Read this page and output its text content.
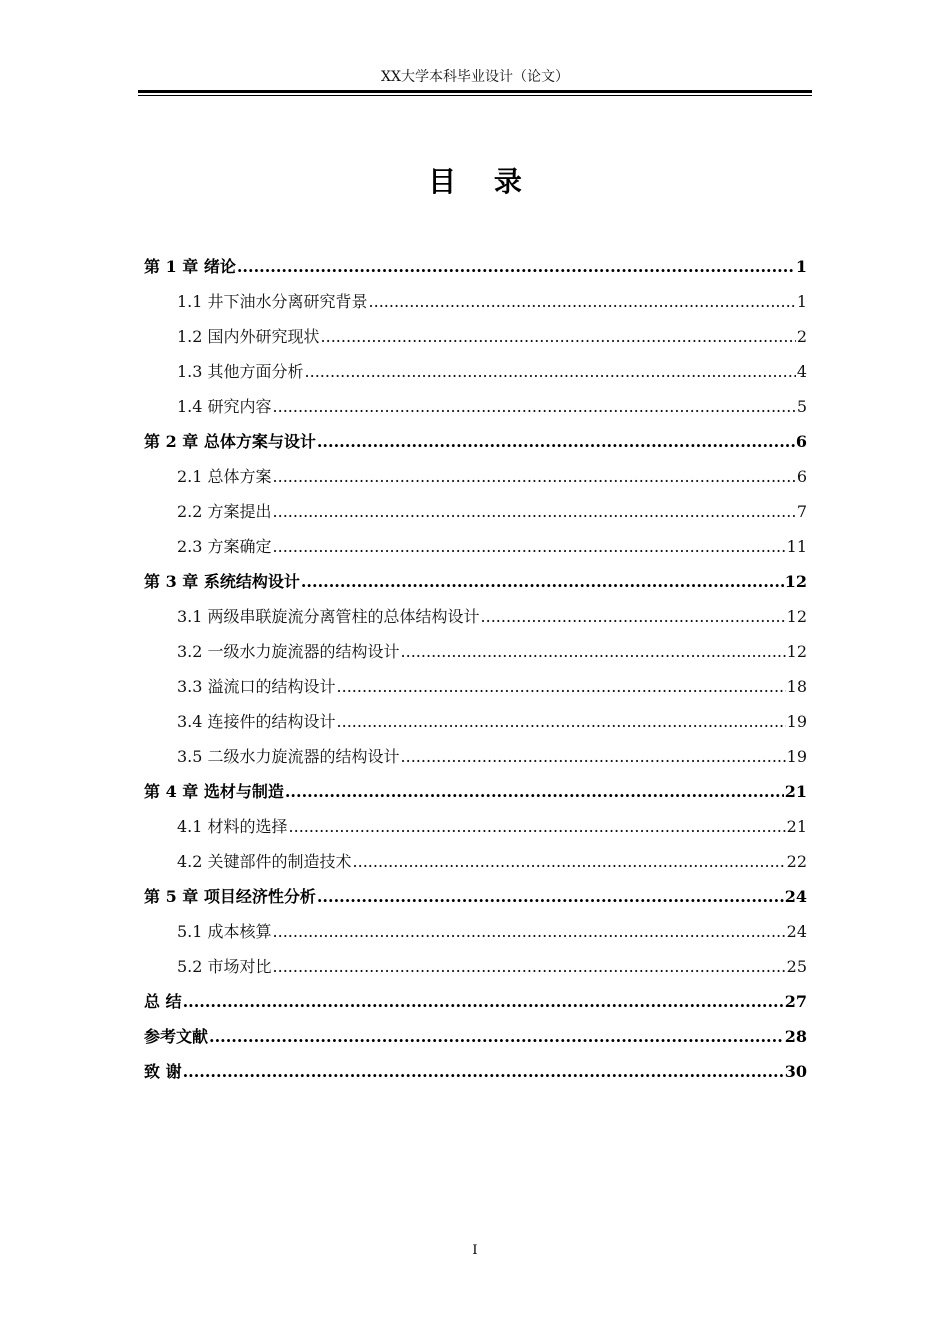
XX大学本科毕业设计（论文）
目 录
第 1 章 绪论 .....	1
1.1 井下油水分离研究背景 .....	1
1.2 国内外研究现状 .....	2
1.3 其他方面分析 .....	4
1.4 研究内容 .....	5
第 2 章 总体方案与设计 .....	6
2.1 总体方案 .....	6
2.2 方案提出 .....	7
2.3 方案确定 .....	11
第 3 章 系统结构设计 .....	12
3.1 两级串联旋流分离管柱的总体结构设计 .....	12
3.2 一级水力旋流器的结构设计 .....	12
3.3 溢流口的结构设计 .....	18
3.4 连接件的结构设计 .....	19
3.5 二级水力旋流器的结构设计 .....	19
第 4 章 选材与制造 .....	21
4.1 材料的选择 .....	21
4.2 关键部件的制造技术 .....	22
第 5 章 项目经济性分析 .....	24
5.1 成本核算 .....	24
5.2 市场对比 .....	25
总 结 .....	27
参考文献 .....	28
致 谢 .....	30
I
